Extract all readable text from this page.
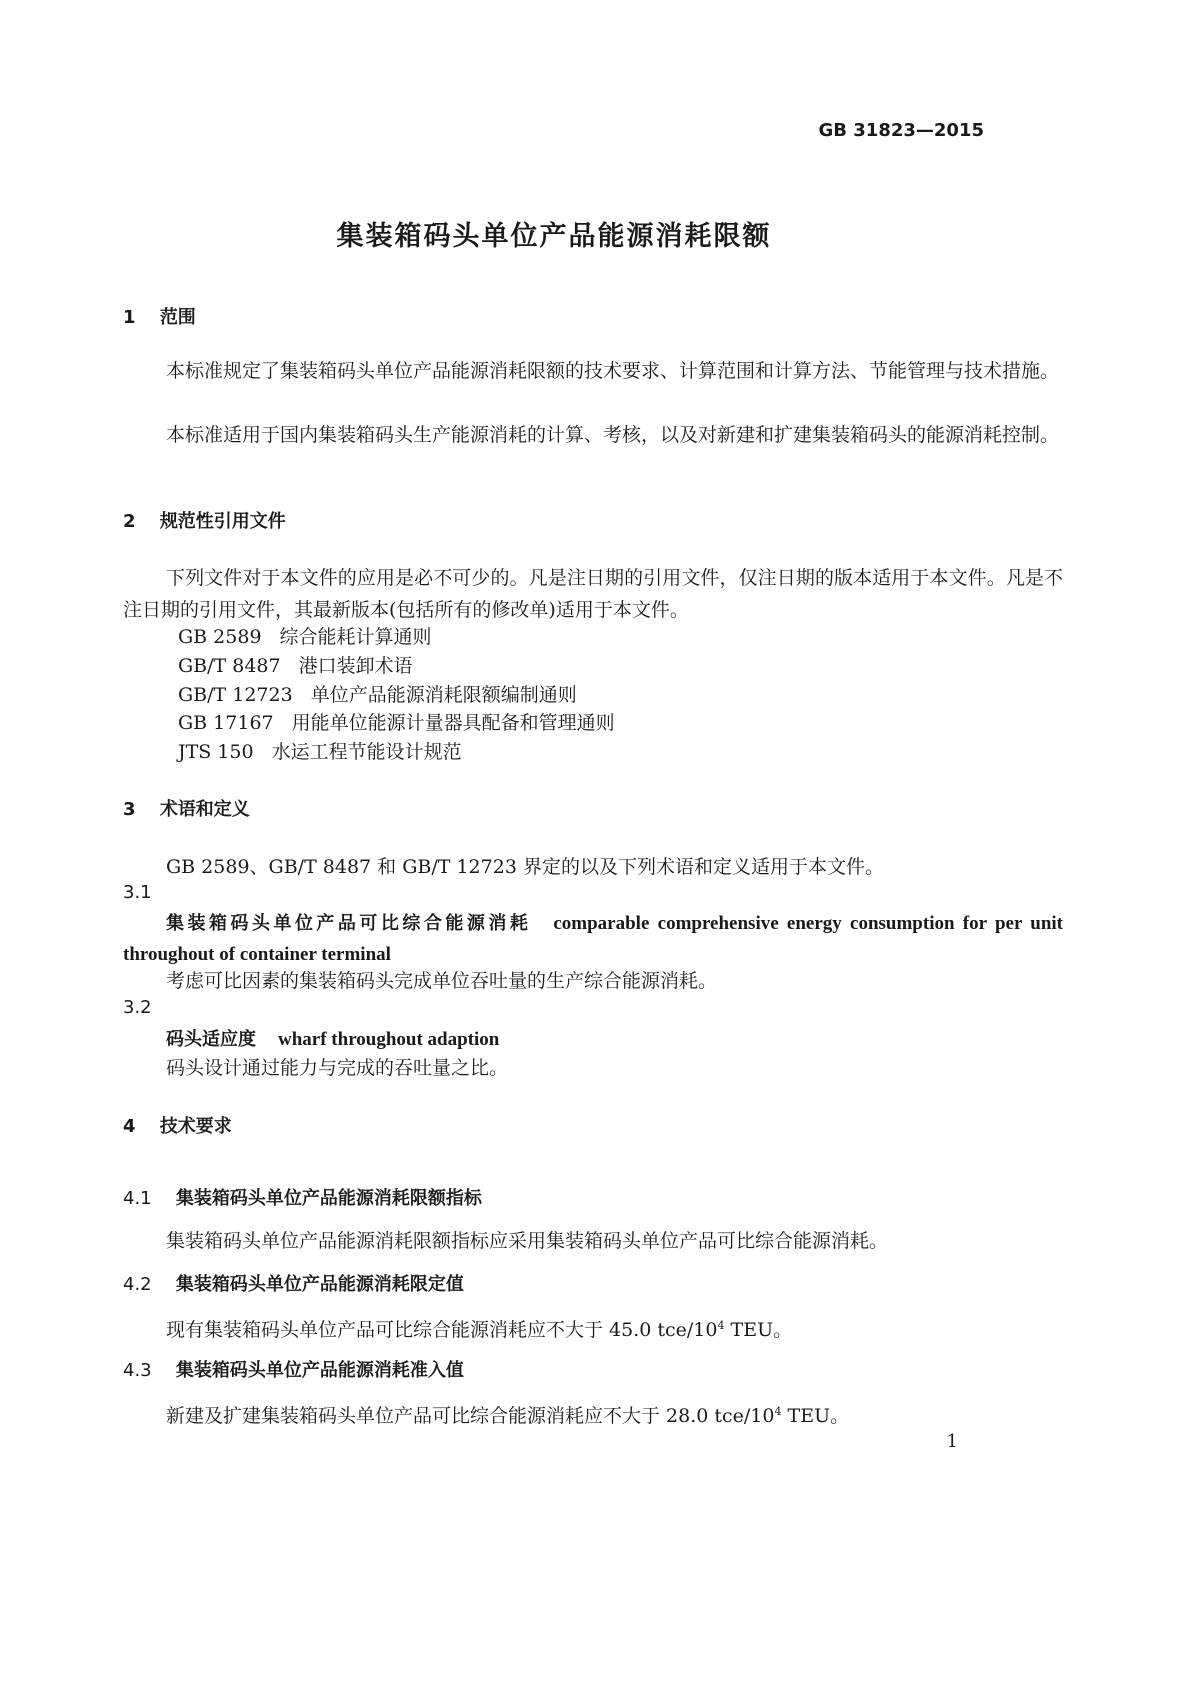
GB 31823—2015
集装箱码头单位产品能源消耗限额
1 范围
本标准规定了集装箱码头单位产品能源消耗限额的技术要求、计算范围和计算方法、节能管理与技术措施。
本标准适用于国内集装箱码头生产能源消耗的计算、考核，以及对新建和扩建集装箱码头的能源消耗控制。
2 规范性引用文件
下列文件对于本文件的应用是必不可少的。凡是注日期的引用文件，仅注日期的版本适用于本文件。凡是不注日期的引用文件，其最新版本(包括所有的修改单)适用于本文件。
GB 2589 综合能耗计算通则
GB/T 8487 港口装卸术语
GB/T 12723 单位产品能源消耗限额编制通则
GB 17167 用能单位能源计量器具配备和管理通则
JTS 150 水运工程节能设计规范
3 术语和定义
GB 2589、GB/T 8487 和 GB/T 12723 界定的以及下列术语和定义适用于本文件。
3.1
集装箱码头单位产品可比综合能源消耗 comparable comprehensive energy consumption for per unit throughout of container terminal
考虑可比因素的集装箱码头完成单位吞吐量的生产综合能源消耗。
3.2
码头适应度 wharf throughout adaption
码头设计通过能力与完成的吞吐量之比。
4 技术要求
4.1 集装箱码头单位产品能源消耗限额指标
集装箱码头单位产品能源消耗限额指标应采用集装箱码头单位产品可比综合能源消耗。
4.2 集装箱码头单位产品能源消耗限定值
现有集装箱码头单位产品可比综合能源消耗应不大于 45.0 tce/$10^4$ TEU。
4.3 集装箱码头单位产品能源消耗准入值
新建及扩建集装箱码头单位产品可比综合能源消耗应不大于 28.0 tce/$10^4$ TEU。
1
